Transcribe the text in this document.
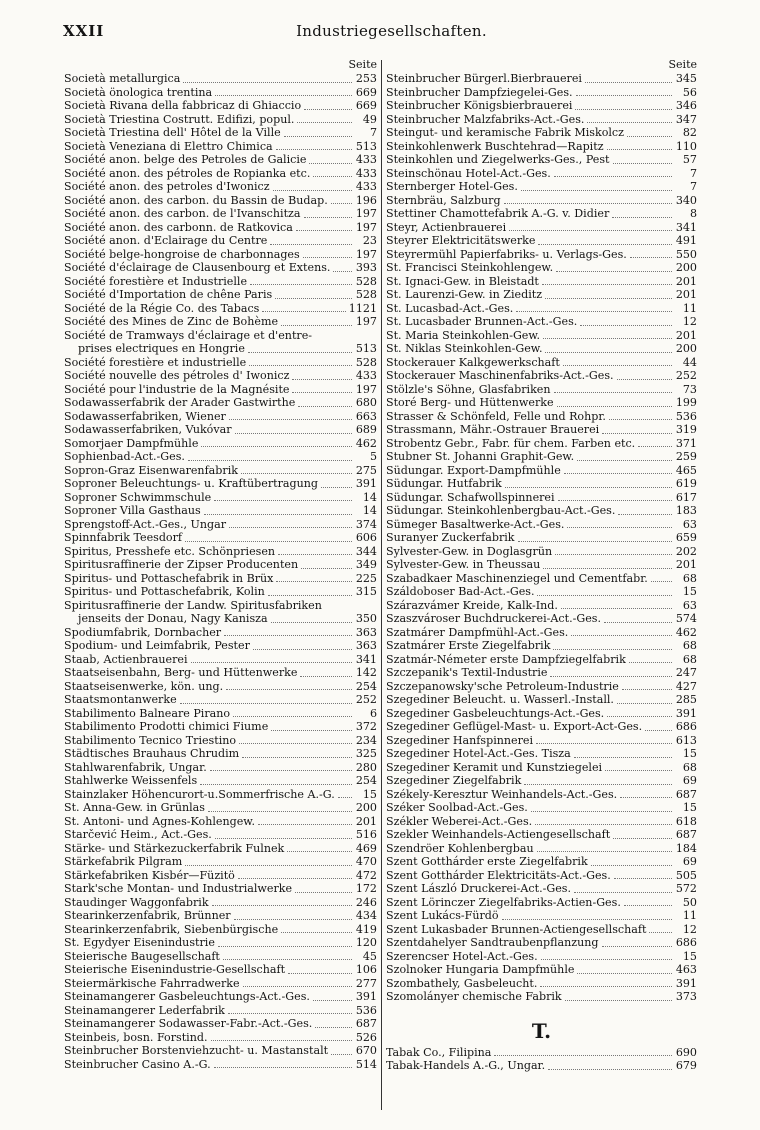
XXII	Industriegesellschaften.
Seite
Società metallurgica	253
Società önologica trentina	669
Società Rivana della fabbricaz di Ghiaccio	669
Società Triestina Costrutt. Edifizi, popul.	49
Società Triestina dell' Hôtel de la Ville	7
Società Veneziana di Elettro Chimica	513
Société anon. belge des Petroles de Galicie	433
Société anon. des pétroles de Ropianka etc.	433
Société anon. des petroles d'Iwonicz	433
Société anon. des carbon. du Bassin de Budap.	196
Société anon. des carbon. de l'Ivanschitza	197
Société anon. des carbonn. de Ratkovica	197
Société anon. d'Eclairage du Centre	23
Société belge-hongroise de charbonnages	197
Société d'éclairage de Clausenbourg et Extens.	393
Société forestière et Industrielle	528
Société d'Importation de chêne Paris	528
Société de la Régie Co. des Tabacs	1121
Société des Mines de Zinc de Bohème	197
Société de Tramways d'éclairage et d'entre-
prises electriques en Hongrie	513
Société forestière et industrielle	528
Société nouvelle des pétroles d' Iwonicz	433
Société pour l'industrie de la Magnésite	197
Sodawasserfabrik der Arader Gastwirthe	680
Sodawasserfabriken, Wiener	663
Sodawasserfabriken, Vukóvar	689
Somorjaer Dampfmühle	462
Sophienbad-Act.-Ges.	5
Sopron-Graz Eisenwarenfabrik	275
Soproner Beleuchtungs- u. Kraftübertragung	391
Soproner Schwimmschule	14
Soproner Villa Gasthaus	14
Sprengstoff-Act.-Ges., Ungar	374
Spinnfabrik Teesdorf	606
Spiritus, Presshefe etc. Schönpriesen	344
Spiritusraffinerie der Zipser Producenten	349
Spiritus- und Pottaschefabrik in Brüx	225
Spiritus- und Pottaschefabrik, Kolin	315
Spiritusraffinerie der Landw. Spiritusfabriken
jenseits der Donau, Nagy Kanisza	350
Spodiumfabrik, Dornbacher	363
Spodium- und Leimfabrik, Pester	363
Staab, Actienbrauerei	341
Staatseisenbahn, Berg- und Hüttenwerke	142
Staatseisenwerke, kön. ung.	254
Staatsmontanwerke	252
Stabilimento Balneare Pirano	6
Stabilimento Prodotti chimici Fiume	372
Stabilimento Tecnico Triestino	234
Städtisches Brauhaus Chrudim	325
Stahlwarenfabrik, Ungar.	280
Stahlwerke Weissenfels	254
Stainzlaker Höhencurort-u.Sommerfrische A.-G.	15
St. Anna-Gew. in Grünlas	200
St. Antoni- und Agnes-Kohlengew.	201
Starčević Heim., Act.-Ges.	516
Stärke- und Stärkezuckerfabrik Fulnek	469
Stärkefabrik Pilgram	470
Stärkefabriken Kisbér—Füzitö	472
Stark'sche Montan- und Industrialwerke	172
Staudinger Waggonfabrik	246
Stearinkerzenfabrik, Brünner	434
Stearinkerzenfabrik, Siebenbürgische	419
St. Egydyer Eisenindustrie	120
Steierische Baugesellschaft	45
Steierische Eisenindustrie-Gesellschaft	106
Steiermärkische Fahrradwerke	277
Steinamangerer Gasbeleuchtungs-Act.-Ges.	391
Steinamangerer Lederfabrik	536
Steinamangerer Sodawasser-Fabr.-Act.-Ges.	687
Steinbeis, bosn. Forstind.	526
Steinbrucher Borstenviehzucht- u. Mastanstalt	670
Steinbrucher Casino A.-G.	514
Seite
Steinbrucher Bürgerl.Bierbrauerei	345
Steinbrucher Dampfziegelei-Ges.	56
Steinbrucher Königsbierbrauerei	346
Steinbrucher Malzfabriks-Act.-Ges.	347
Steingut- und keramische Fabrik Miskolcz	82
Steinkohlenwerk Buschtehrad—Rapitz	110
Steinkohlen und Ziegelwerks-Ges., Pest	57
Steinschönau Hotel-Act.-Ges.	7
Sternberger Hotel-Ges.	7
Sternbräu, Salzburg	340
Stettiner Chamottefabrik A.-G. v. Didier	8
Steyr, Actienbrauerei	341
Steyrer Elektricitätswerke	491
Steyrermühl Papierfabriks- u. Verlags-Ges.	550
St. Francisci Steinkohlengew.	200
St. Ignaci-Gew. in Bleistadt	201
St. Laurenzi-Gew. in Zieditz	201
St. Lucasbad-Act.-Ges.	11
St. Lucasbader Brunnen-Act.-Ges.	12
St. Maria Steinkohlen-Gew.	201
St. Niklas Steinkohlen-Gew.	200
Stockerauer Kalkgewerkschaft	44
Stockerauer Maschinenfabriks-Act.-Ges.	252
Stölzle's Söhne, Glasfabriken	73
Storé Berg- und Hüttenwerke	199
Strasser & Schönfeld, Felle und Rohpr.	536
Strassmann, Mähr.-Ostrauer Brauerei	319
Strobentz Gebr., Fabr. für chem. Farben etc.	371
Stubner St. Johanni Graphit-Gew.	259
Südungar. Export-Dampfmühle	465
Südungar. Hutfabrik	619
Südungar. Schafwollspinnerei	617
Südungar. Steinkohlenbergbau-Act.-Ges.	183
Sümeger Basaltwerke-Act.-Ges.	63
Suranyer Zuckerfabrik	659
Sylvester-Gew. in Doglasgrün	202
Sylvester-Gew. in Theussau	201
Szabadkaer Maschinenziegel und Cementfabr.	68
Száldoboser Bad-Act.-Ges.	15
Szárazvámer Kreide, Kalk-Ind.	63
Szaszvároser Buchdruckerei-Act.-Ges.	574
Szatmárer Dampfmühl-Act.-Ges.	462
Szatmárer Erste Ziegelfabrik	68
Szatmár-Németer erste Dampfziegelfabrik	68
Szczepanik's Textil-Industrie	247
Szczepanowsky'sche Petroleum-Industrie	427
Szegediner Beleucht. u. Wasserl.-Install.	285
Szegediner Gasbeleuchtungs-Act.-Ges.	391
Szegediner Geflügel-Mast- u. Export-Act-Ges.	686
Szegediner Hanfspinnerei	613
Szegediner Hotel-Act.-Ges. Tisza	15
Szegediner Keramit und Kunstziegelei	68
Szegediner Ziegelfabrik	69
Székely-Keresztur Weinhandels-Act.-Ges.	687
Széker Soolbad-Act.-Ges.	15
Székler Weberei-Act.-Ges.	618
Szekler Weinhandels-Actiengesellschaft	687
Szendröer Kohlenbergbau	184
Szent Gotthárder erste Ziegelfabrik	69
Szent Gotthárder Elektricitäts-Act.-Ges.	505
Szent László Druckerei-Act.-Ges.	572
Szent Lörinczer Ziegelfabriks-Actien-Ges.	50
Szent Lukács-Fürdö	11
Szent Lukasbader Brunnen-Actiengesellschaft	12
Szentdahelyer Sandtraubenpflanzung	686
Szerencser Hotel-Act.-Ges.	15
Szolnoker Hungaria Dampfmühle	463
Szombathely, Gasbeleucht.	391
Szomolányer chemische Fabrik	373
T.
Tabak Co., Filipina	690
Tabak-Handels A.-G., Ungar.	679
